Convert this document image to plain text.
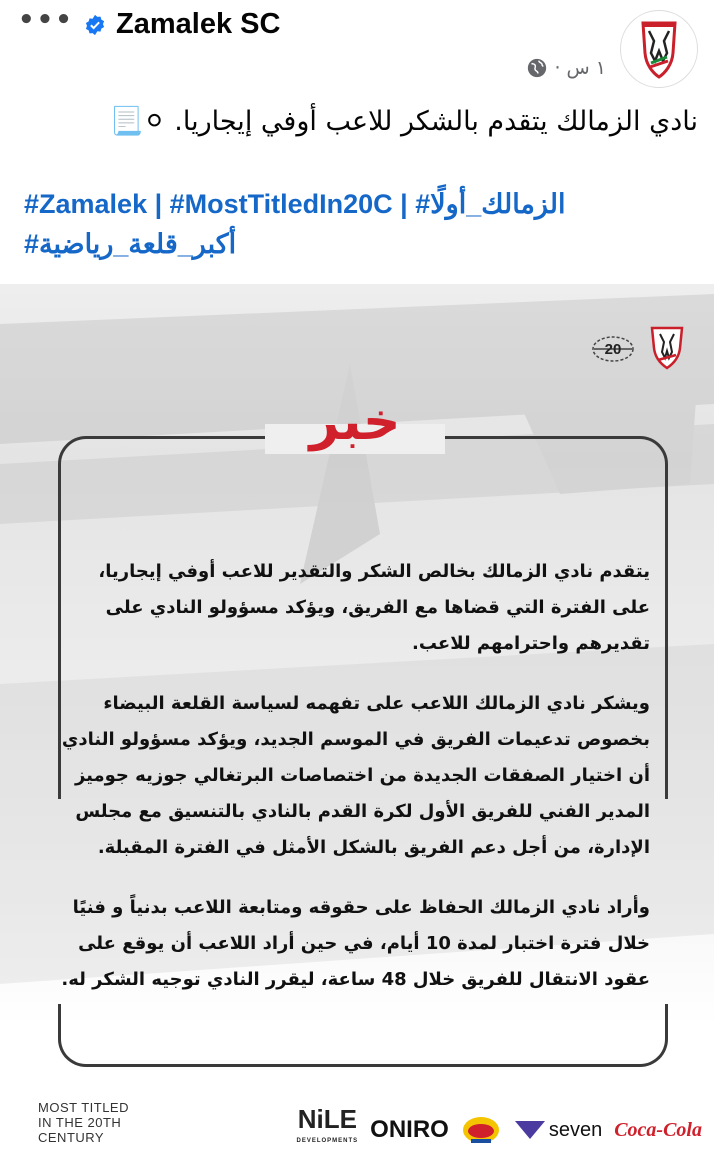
••• Zamalek SC
١ س ·
نادي الزمالك يتقدم بالشكر للاعب أوفي إيجاريا. ⚪📃
#Zamalek | #MostTitledIn20C | #الزمالك_أولًا
#أكبر_قلعة_رياضية
20
خبر

يتقدم نادي الزمالك بخالص الشكر والتقدير للاعب أوفي إيجاريا، على الفترة التي قضاها مع الفريق، ويؤكد مسؤولو النادي على تقديرهم واحترامهم للاعب.

ويشكر نادي الزمالك اللاعب على تفهمه لسياسة القلعة البيضاء بخصوص تدعيمات الفريق في الموسم الجديد، ويؤكد مسؤولو النادي أن اختيار الصفقات الجديدة من اختصاصات البرتغالي جوزيه جوميز المدير الفني للفريق الأول لكرة القدم بالنادي بالتنسيق مع مجلس الإدارة، من أجل دعم الفريق بالشكل الأمثل في الفترة المقبلة.

وأراد نادي الزمالك الحفاظ على حقوقه ومتابعة اللاعب بدنياً و فنيًا خلال فترة اختبار لمدة 10 أيام، في حين أراد اللاعب أن يوقع على عقود الانتقال للفريق خلال 48 ساعة، ليقرر النادي توجيه الشكر له.

MOST TITLED
IN THE 20TH
CENTURY
NiLE
DEVELOPMENTS ONIRO	seven Coca-Cola
